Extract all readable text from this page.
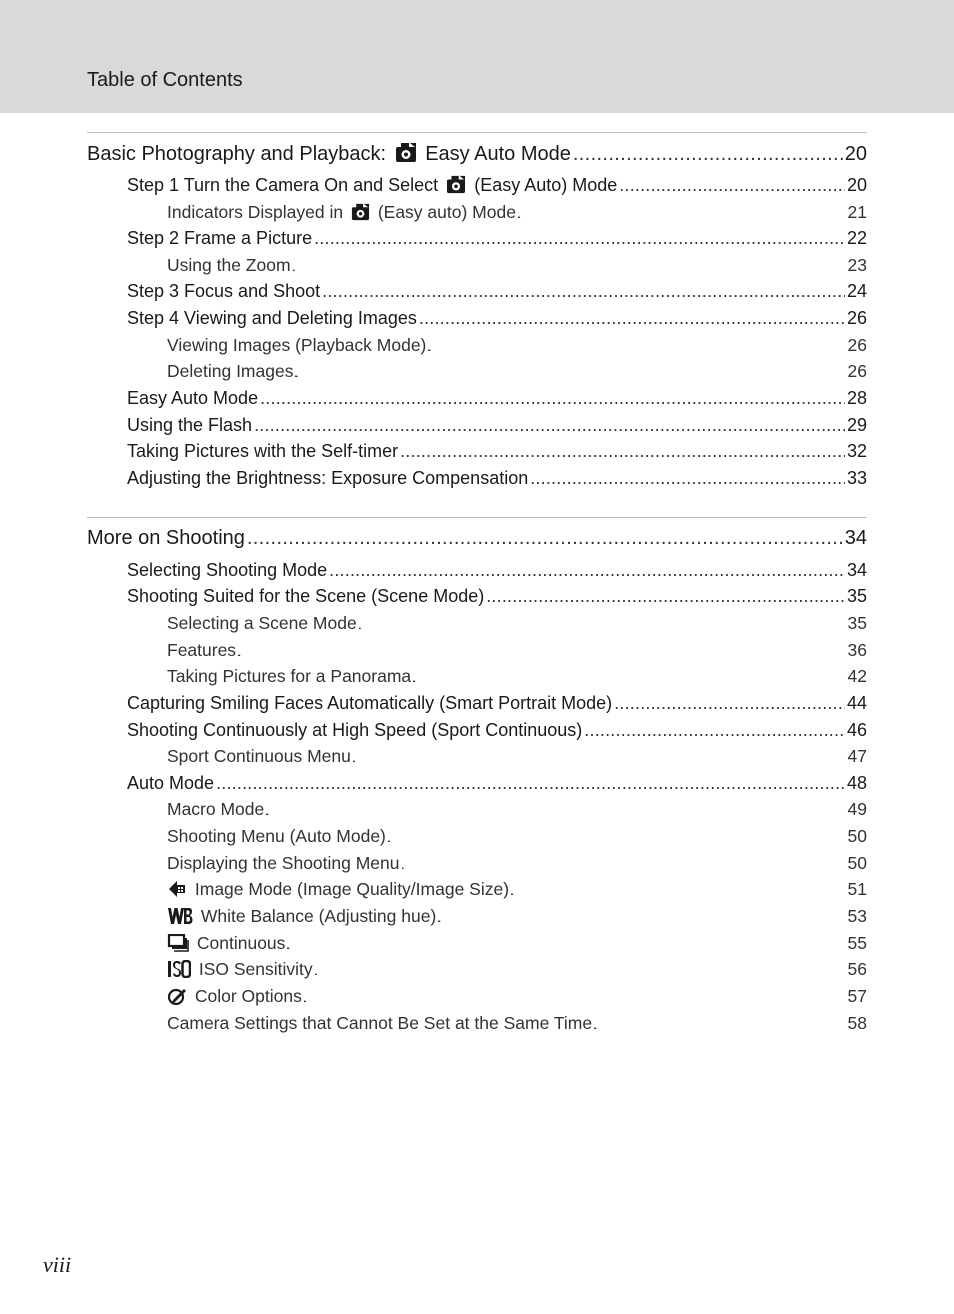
Table of Contents
Basic Photography and Playback: Easy Auto Mode . . .	20
Step 1 Turn the Camera On and Select (Easy Auto) Mode . . .	20
Indicators Displayed in (Easy auto) Mode . . .	21
Step 2 Frame a Picture . . .	22
Using the Zoom . . .	23
Step 3 Focus and Shoot . . .	24
Step 4 Viewing and Deleting Images . . .	26
Viewing Images (Playback Mode) . . .	26
Deleting Images . . .	26
Easy Auto Mode . . .	28
Using the Flash . . .	29
Taking Pictures with the Self-timer . . .	32
Adjusting the Brightness: Exposure Compensation . . .	33
More on Shooting . . .	34
Selecting Shooting Mode . . .	34
Shooting Suited for the Scene (Scene Mode) . . .	35
Selecting a Scene Mode . . .	35
Features . . .	36
Taking Pictures for a Panorama . . .	42
Capturing Smiling Faces Automatically (Smart Portrait Mode) . . .	44
Shooting Continuously at High Speed (Sport Continuous) . . .	46
Sport Continuous Menu . . .	47
Auto Mode . . .	48
Macro Mode . . .	49
Shooting Menu (Auto Mode) . . .	50
Displaying the Shooting Menu . . .	50
Image Mode (Image Quality/Image Size) . . .	51
White Balance (Adjusting hue) . . .	53
Continuous . . .	55
ISO Sensitivity . . .	56
Color Options . . .	57
Camera Settings that Cannot Be Set at the Same Time . . .	58
viii
